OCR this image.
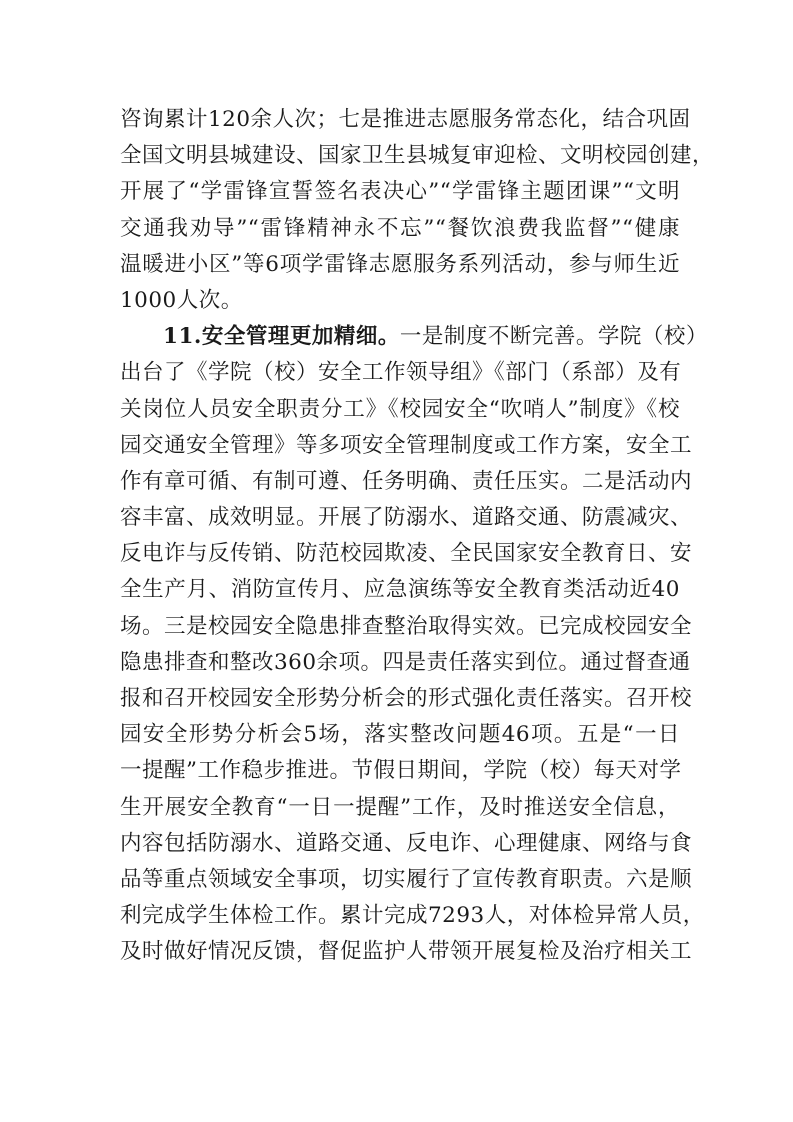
咨询累计120余人次；七是推进志愿服务常态化，结合巩固
全国文明县城建设、国家卫生县城复审迎检、文明校园创建，
开展了“学雷锋宣誓签名表决心”“学雷锋主题团课”“文明
交通我劝导”“雷锋精神永不忘”“餐饮浪费我监督”“健康
温暖进小区”等6项学雷锋志愿服务系列活动，参与师生近
1000人次。
11.安全管理更加精细。一是制度不断完善。学院（校）
出台了《学院（校）安全工作领导组》《部门（系部）及有
关岗位人员安全职责分工》《校园安全“吹哨人”制度》《校
园交通安全管理》等多项安全管理制度或工作方案，安全工
作有章可循、有制可遵、任务明确、责任压实。二是活动内
容丰富、成效明显。开展了防溺水、道路交通、防震减灾、
反电诈与反传销、防范校园欺凌、全民国家安全教育日、安
全生产月、消防宣传月、应急演练等安全教育类活动近40
场。三是校园安全隐患排查整治取得实效。已完成校园安全
隐患排查和整改360余项。四是责任落实到位。通过督查通
报和召开校园安全形势分析会的形式强化责任落实。召开校
园安全形势分析会5场，落实整改问题46项。五是“一日
一提醒”工作稳步推进。节假日期间，学院（校）每天对学
生开展安全教育“一日一提醒”工作，及时推送安全信息，
内容包括防溺水、道路交通、反电诈、心理健康、网络与食
品等重点领域安全事项，切实履行了宣传教育职责。六是顺
利完成学生体检工作。累计完成7293人，对体检异常人员，
及时做好情况反馈，督促监护人带领开展复检及治疗相关工
